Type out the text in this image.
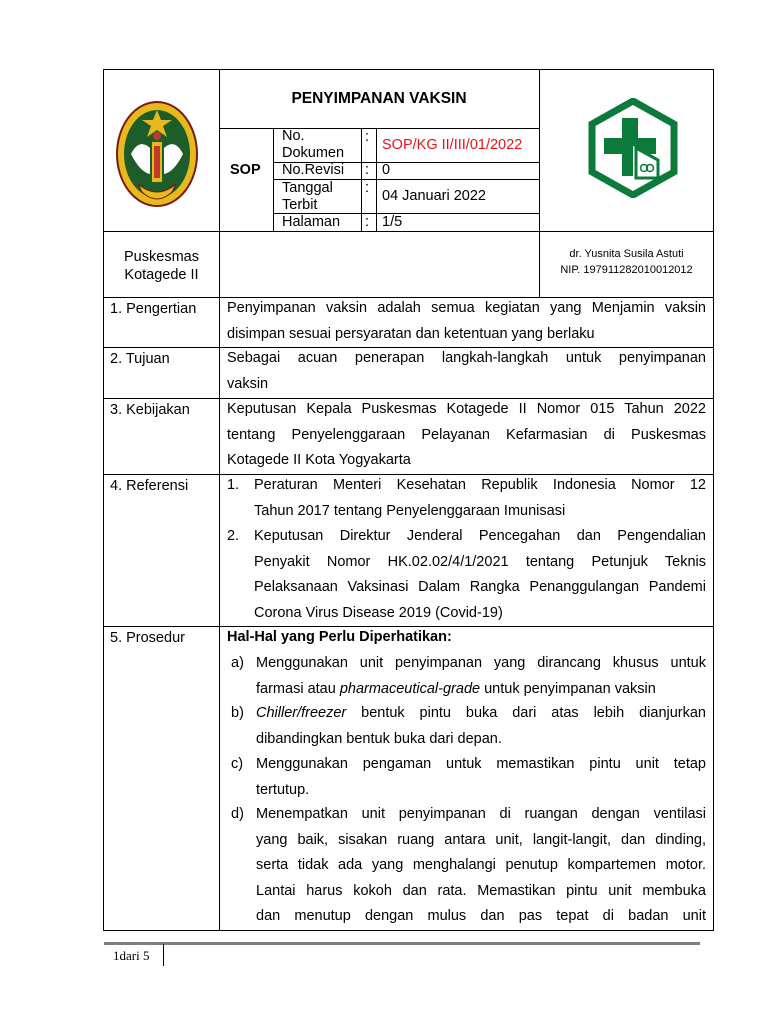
PENYIMPANAN VAKSIN
SOP
No.
Dokumen
No.Revisi
Tanggal
Terbit
Halaman
:
:
:
:
SOP/KG II/III/01/2022
0
04 Januari 2022
1/5
Puskesmas
Kotagede II
dr. Yusnita Susila Astuti
NIP. 197911282010012012
1. Pengertian
2. Tujuan
3. Kebijakan
4. Referensi
5. Prosedur
Penyimpanan vaksin adalah semua kegiatan yang Menjamin vaksin
disimpan sesuai persyaratan dan ketentuan yang berlaku
Sebagai acuan penerapan langkah-langkah untuk penyimpanan
vaksin
Keputusan Kepala Puskesmas Kotagede II Nomor 015 Tahun 2022
tentang Penyelenggaraan Pelayanan Kefarmasian di Puskesmas
Kotagede II Kota Yogyakarta
1. Peraturan Menteri Kesehatan Republik Indonesia Nomor 12
Tahun 2017 tentang Penyelenggaraan Imunisasi
2. Keputusan Direktur Jenderal Pencegahan dan Pengendalian
Penyakit Nomor HK.02.02/4/1/2021 tentang Petunjuk Teknis
Pelaksanaan Vaksinasi Dalam Rangka Penanggulangan Pandemi
Corona Virus Disease 2019 (Covid-19)
Hal-Hal yang Perlu Diperhatikan:
a) Menggunakan unit penyimpanan yang dirancang khusus untuk
farmasi atau pharmaceutical-grade untuk penyimpanan vaksin
b) Chiller/freezer bentuk pintu buka dari atas lebih dianjurkan
dibandingkan bentuk buka dari depan.
c) Menggunakan pengaman untuk memastikan pintu unit tetap
tertutup.
d) Menempatkan unit penyimpanan di ruangan dengan ventilasi
yang baik, sisakan ruang antara unit, langit-langit, dan dinding,
serta tidak ada yang menghalangi penutup kompartemen motor.
Lantai harus kokoh dan rata. Memastikan pintu unit membuka
dan menutup dengan mulus dan pas tepat di badan unit
1dari 5
